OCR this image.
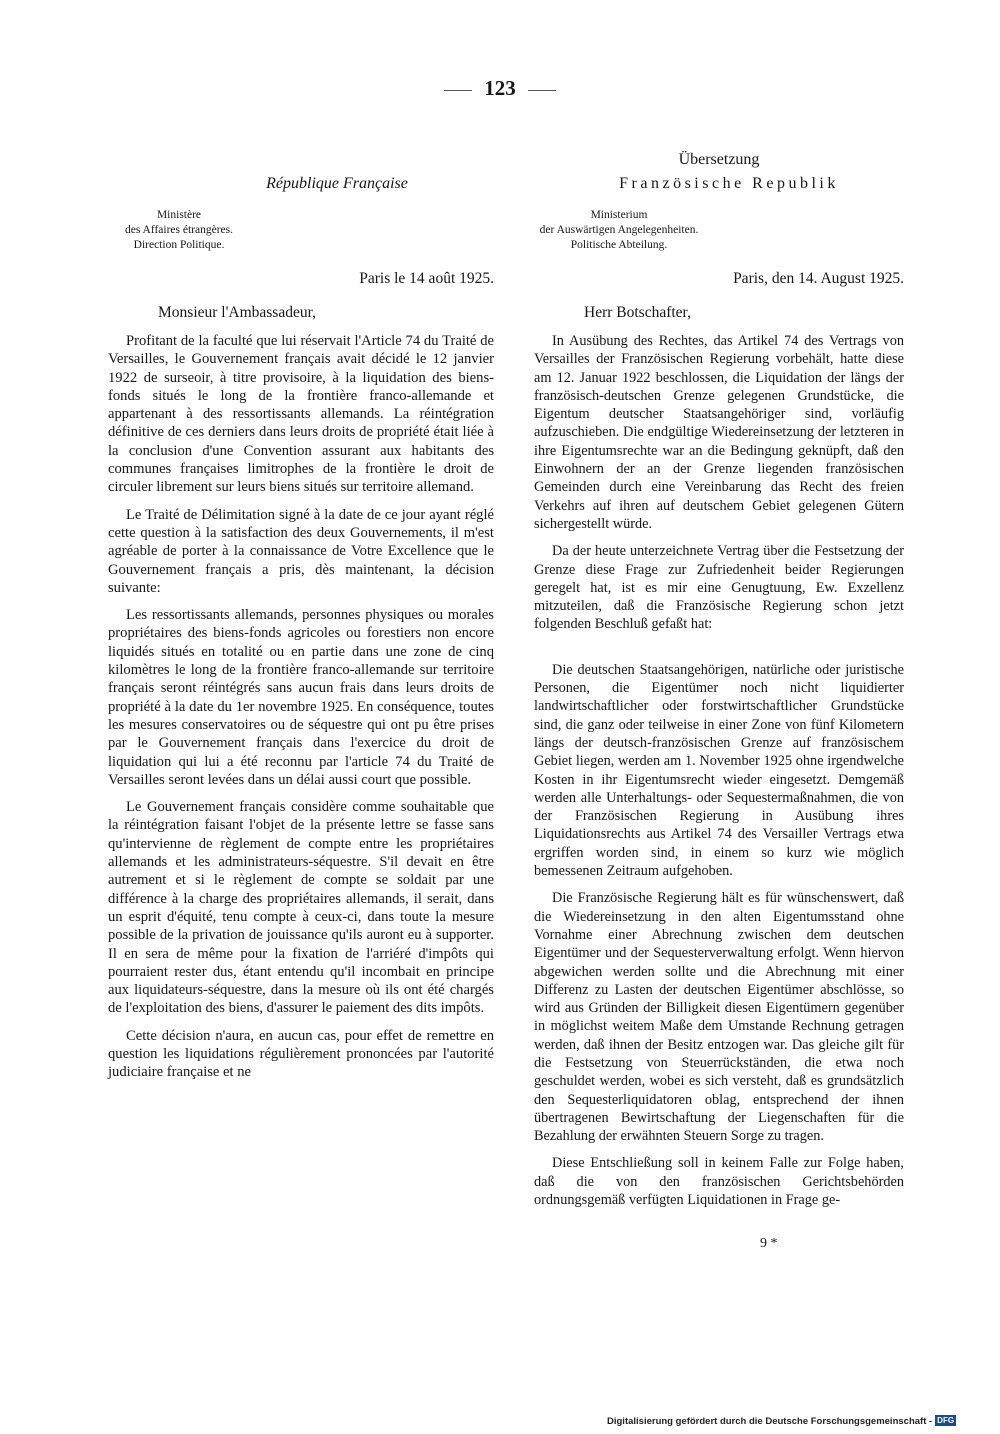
123
République Française
Ministère
des Affaires étrangères.
Direction Politique.
Paris le 14 août 1925.
Monsieur l'Ambassadeur,

Profitant de la faculté que lui réservait l'Article 74 du Traité de Versailles, le Gouvernement français avait décidé le 12 janvier 1922 de surseoir, à titre provisoire, à la liquidation des biens-fonds situés le long de la frontière franco-allemande et appartenant à des ressortissants allemands. La réintégration définitive de ces derniers dans leurs droits de propriété était liée à la conclusion d'une Convention assurant aux habitants des communes françaises limitrophes de la frontière le droit de circuler librement sur leurs biens situés sur territoire allemand.

Le Traité de Délimitation signé à la date de ce jour ayant réglé cette question à la satisfaction des deux Gouvernements, il m'est agréable de porter à la connaissance de Votre Excellence que le Gouvernement français a pris, dès maintenant, la décision suivante:

Les ressortissants allemands, personnes physiques ou morales propriétaires des biens-fonds agricoles ou forestiers non encore liquidés situés en totalité ou en partie dans une zone de cinq kilomètres le long de la frontière franco-allemande sur territoire français seront réintégrés sans aucun frais dans leurs droits de propriété à la date du 1er novembre 1925. En conséquence, toutes les mesures conservatoires ou de séquestre qui ont pu être prises par le Gouvernement français dans l'exercice du droit de liquidation qui lui a été reconnu par l'article 74 du Traité de Versailles seront levées dans un délai aussi court que possible.

Le Gouvernement français considère comme souhaitable que la réintégration faisant l'objet de la présente lettre se fasse sans qu'intervienne de règlement de compte entre les propriétaires allemands et les administrateurs-séquestre. S'il devait en être autrement et si le règlement de compte se soldait par une différence à la charge des propriétaires allemands, il serait, dans un esprit d'équité, tenu compte à ceux-ci, dans toute la mesure possible de la privation de jouissance qu'ils auront eu à supporter. Il en sera de même pour la fixation de l'arriéré d'impôts qui pourraient rester dus, étant entendu qu'il incombait en principe aux liquidateurs-séquestre, dans la mesure où ils ont été chargés de l'exploitation des biens, d'assurer le paiement des dits impôts.

Cette décision n'aura, en aucun cas, pour effet de remettre en question les liquidations régulièrement prononcées par l'autorité judiciaire française et ne

Übersetzung
Französische Republik
Ministerium
der Auswärtigen Angelegenheiten.
Politische Abteilung.
Paris, den 14. August 1925.
Herr Botschafter,

In Ausübung des Rechtes, das Artikel 74 des Vertrags von Versailles der Französischen Regierung vorbehält, hatte diese am 12. Januar 1922 beschlossen, die Liquidation der längs der französisch-deutschen Grenze gelegenen Grundstücke, die Eigentum deutscher Staatsangehöriger sind, vorläufig aufzuschieben. Die endgültige Wiedereinsetzung der letzteren in ihre Eigentumsrechte war an die Bedingung geknüpft, daß den Einwohnern der an der Grenze liegenden französischen Gemeinden durch eine Vereinbarung das Recht des freien Verkehrs auf ihren auf deutschem Gebiet gelegenen Gütern sichergestellt würde.

Da der heute unterzeichnete Vertrag über die Festsetzung der Grenze diese Frage zur Zufriedenheit beider Regierungen geregelt hat, ist es mir eine Genugtuung, Ew. Exzellenz mitzuteilen, daß die Französische Regierung schon jetzt folgenden Beschluß gefaßt hat:

Die deutschen Staatsangehörigen, natürliche oder juristische Personen, die Eigentümer noch nicht liquidierter landwirtschaftlicher oder forstwirtschaftlicher Grundstücke sind, die ganz oder teilweise in einer Zone von fünf Kilometern längs der deutsch-französischen Grenze auf französischem Gebiet liegen, werden am 1. November 1925 ohne irgendwelche Kosten in ihr Eigentumsrecht wieder eingesetzt. Demgemäß werden alle Unterhaltungs- oder Sequestermaßnahmen, die von der Französischen Regierung in Ausübung ihres Liquidationsrechts aus Artikel 74 des Versailler Vertrags etwa ergriffen worden sind, in einem so kurz wie möglich bemessenen Zeitraum aufgehoben.

Die Französische Regierung hält es für wünschenswert, daß die Wiedereinsetzung in den alten Eigentumsstand ohne Vornahme einer Abrechnung zwischen dem deutschen Eigentümer und der Sequesterverwaltung erfolgt. Wenn hiervon abgewichen werden sollte und die Abrechnung mit einer Differenz zu Lasten der deutschen Eigentümer abschlösse, so wird aus Gründen der Billigkeit diesen Eigentümern gegenüber in möglichst weitem Maße dem Umstande Rechnung getragen werden, daß ihnen der Besitz entzogen war. Das gleiche gilt für die Festsetzung von Steuerrückständen, die etwa noch geschuldet werden, wobei es sich versteht, daß es grundsätzlich den Sequesterliquidatoren oblag, entsprechend der ihnen übertragenen Bewirtschaftung der Liegenschaften für die Bezahlung der erwähnten Steuern Sorge zu tragen.

Diese Entschließung soll in keinem Falle zur Folge haben, daß die von den französischen Gerichtsbehörden ordnungsgemäß verfügten Liquidationen in Frage ge-

9 *
Digitalisierung gefördert durch die Deutsche Forschungsgemeinschaft - DFG
